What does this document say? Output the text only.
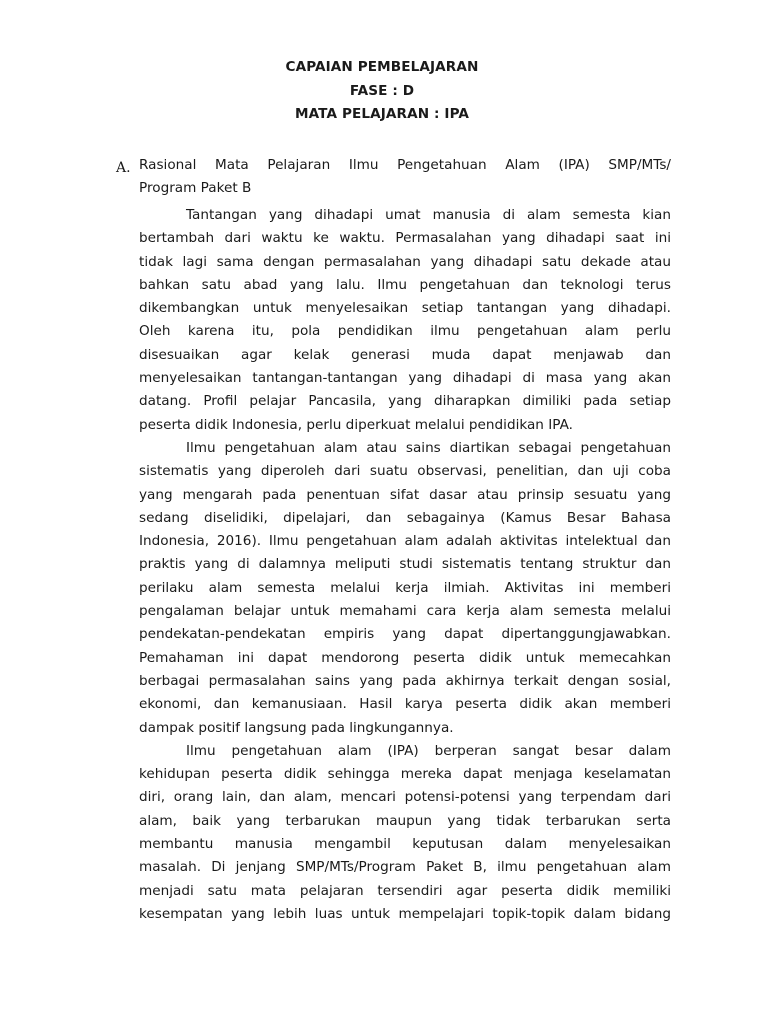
CAPAIAN PEMBELAJARAN
FASE : D
MATA PELAJARAN : IPA
A. Rasional Mata Pelajaran Ilmu Pengetahuan Alam (IPA) SMP/MTs/
Program Paket B
Tantangan yang dihadapi umat manusia di alam semesta kian
bertambah dari waktu ke waktu. Permasalahan yang dihadapi saat ini
tidak lagi sama dengan permasalahan yang dihadapi satu dekade atau
bahkan satu abad yang lalu. Ilmu pengetahuan dan teknologi terus
dikembangkan untuk menyelesaikan setiap tantangan yang dihadapi.
Oleh karena itu, pola pendidikan ilmu pengetahuan alam perlu
disesuaikan agar kelak generasi muda dapat menjawab dan
menyelesaikan tantangan-tantangan yang dihadapi di masa yang akan
datang. Profil pelajar Pancasila, yang diharapkan dimiliki pada setiap
peserta didik Indonesia, perlu diperkuat melalui pendidikan IPA.
Ilmu pengetahuan alam atau sains diartikan sebagai pengetahuan
sistematis yang diperoleh dari suatu observasi, penelitian, dan uji coba
yang mengarah pada penentuan sifat dasar atau prinsip sesuatu yang
sedang diselidiki, dipelajari, dan sebagainya (Kamus Besar Bahasa
Indonesia, 2016). Ilmu pengetahuan alam adalah aktivitas intelektual dan
praktis yang di dalamnya meliputi studi sistematis tentang struktur dan
perilaku alam semesta melalui kerja ilmiah. Aktivitas ini memberi
pengalaman belajar untuk memahami cara kerja alam semesta melalui
pendekatan-pendekatan empiris yang dapat dipertanggungjawabkan.
Pemahaman ini dapat mendorong peserta didik untuk memecahkan
berbagai permasalahan sains yang pada akhirnya terkait dengan sosial,
ekonomi, dan kemanusiaan. Hasil karya peserta didik akan memberi
dampak positif langsung pada lingkungannya.
Ilmu pengetahuan alam (IPA) berperan sangat besar dalam
kehidupan peserta didik sehingga mereka dapat menjaga keselamatan
diri, orang lain, dan alam, mencari potensi-potensi yang terpendam dari
alam, baik yang terbarukan maupun yang tidak terbarukan serta
membantu manusia mengambil keputusan dalam menyelesaikan
masalah. Di jenjang SMP/MTs/Program Paket B, ilmu pengetahuan alam
menjadi satu mata pelajaran tersendiri agar peserta didik memiliki
kesempatan yang lebih luas untuk mempelajari topik-topik dalam bidang
